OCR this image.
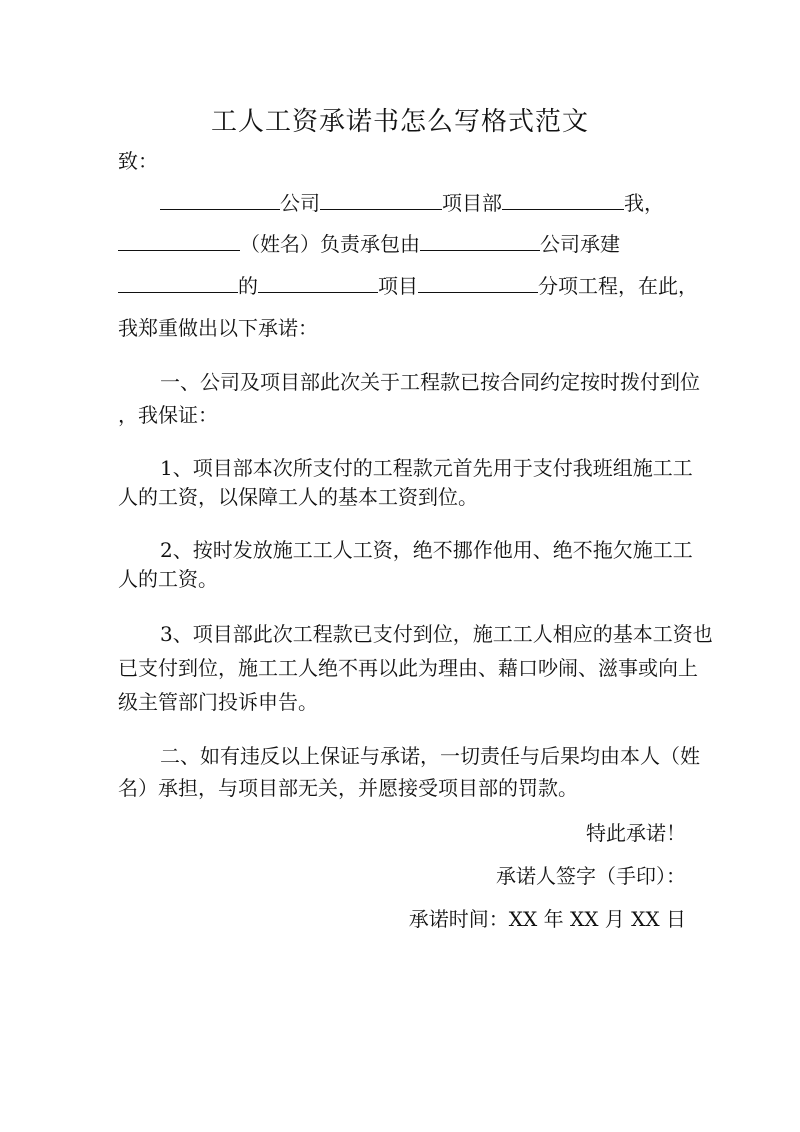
工人工资承诺书怎么写格式范文
致：
公司	项目部	我，
（姓名）负责承包由	公司承建
的	项目	分项工程，在此，
我郑重做出以下承诺：
一、公司及项目部此次关于工程款已按合同约定按时拨付到位
，我保证：
1、项目部本次所支付的工程款元首先用于支付我班组施工工
人的工资，以保障工人的基本工资到位。
2、按时发放施工工人工资，绝不挪作他用、绝不拖欠施工工
人的工资。
3、项目部此次工程款已支付到位，施工工人相应的基本工资也
已支付到位，施工工人绝不再以此为理由、藉口吵闹、滋事或向上
级主管部门投诉申告。
二、如有违反以上保证与承诺，一切责任与后果均由本人（姓
名）承担，与项目部无关，并愿接受项目部的罚款。
特此承诺！
承诺人签字（手印）：
承诺时间：XX 年 XX 月 XX 日
